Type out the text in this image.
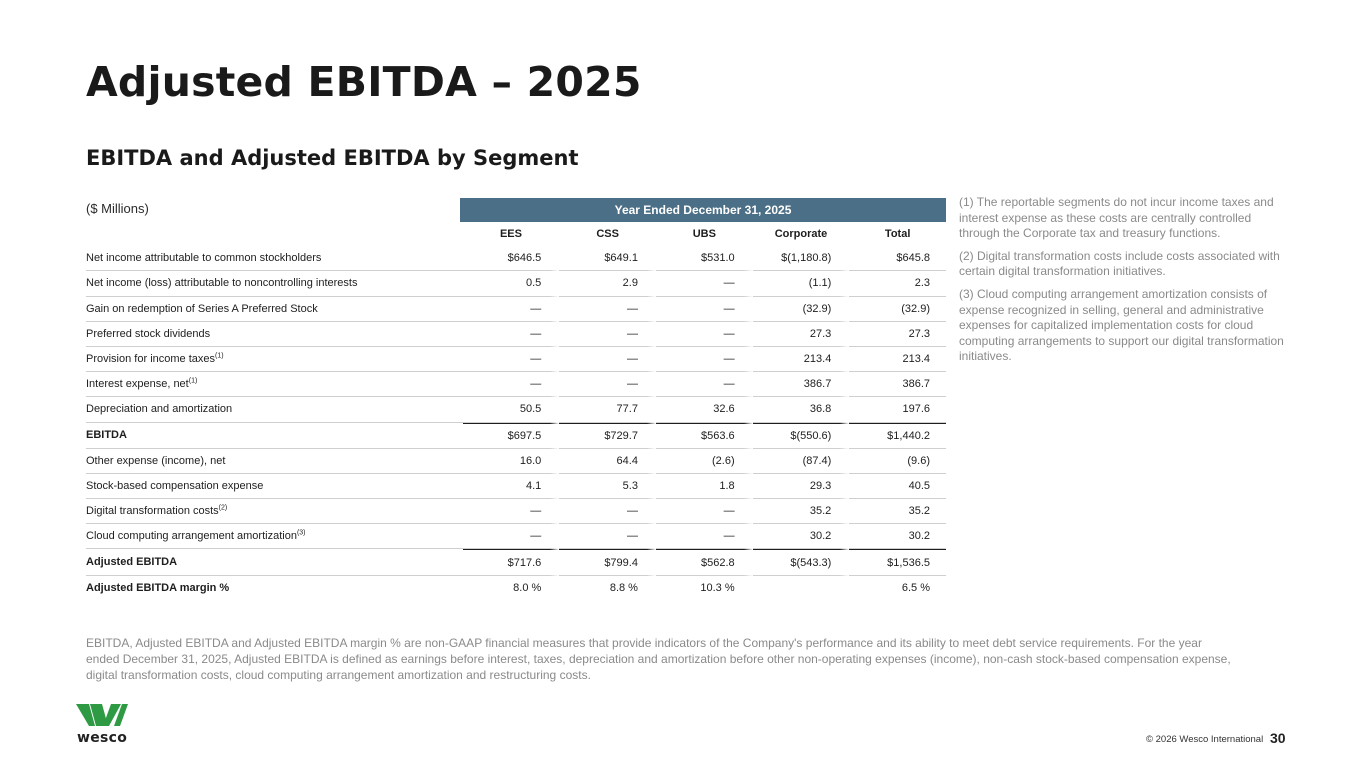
Adjusted EBITDA – 2025
EBITDA and Adjusted EBITDA by Segment
($ Millions)	Year Ended December 31, 2025
	EES	CSS	UBS	Corporate	Total
Net income attributable to common stockholders	$646.5	$649.1	$531.0	$(1,180.8)	$645.8
Net income (loss) attributable to noncontrolling interests	0.5	2.9	—	(1.1)	2.3
Gain on redemption of Series A Preferred Stock	—	—	—	(32.9)	(32.9)
Preferred stock dividends	—	—	—	27.3	27.3
Provision for income taxes$^{(1)}$	—	—	—	213.4	213.4
Interest expense, net$^{(1)}$	—	—	—	386.7	386.7
Depreciation and amortization	50.5	77.7	32.6	36.8	197.6
EBITDA	$697.5	$729.7	$563.6	$(550.6)	$1,440.2
Other expense (income), net	16.0	64.4	(2.6)	(87.4)	(9.6)
Stock-based compensation expense	4.1	5.3	1.8	29.3	40.5
Digital transformation costs$^{(2)}$	—	—	—	35.2	35.2
Cloud computing arrangement amortization$^{(3)}$	—	—	—	30.2	30.2
Adjusted EBITDA	$717.6	$799.4	$562.8	$(543.3)	$1,536.5
Adjusted EBITDA margin %	8.0 %	8.8 %	10.3 %		6.5 %

(1) The reportable segments do not incur income taxes and interest expense as these costs are centrally controlled through the Corporate tax and treasury functions.

(2) Digital transformation costs include costs associated with certain digital transformation initiatives.

(3) Cloud computing arrangement amortization consists of expense recognized in selling, general and administrative expenses for capitalized implementation costs for cloud computing arrangements to support our digital transformation initiatives.

EBITDA, Adjusted EBITDA and Adjusted EBITDA margin % are non-GAAP financial measures that provide indicators of the Company's performance and its ability to meet debt service requirements. For the year ended December 31, 2025, Adjusted EBITDA is defined as earnings before interest, taxes, depreciation and amortization before other non-operating expenses (income), non-cash stock-based compensation expense, digital transformation costs, cloud computing arrangement amortization and restructuring costs.

wesco	© 2026 Wesco International 30
